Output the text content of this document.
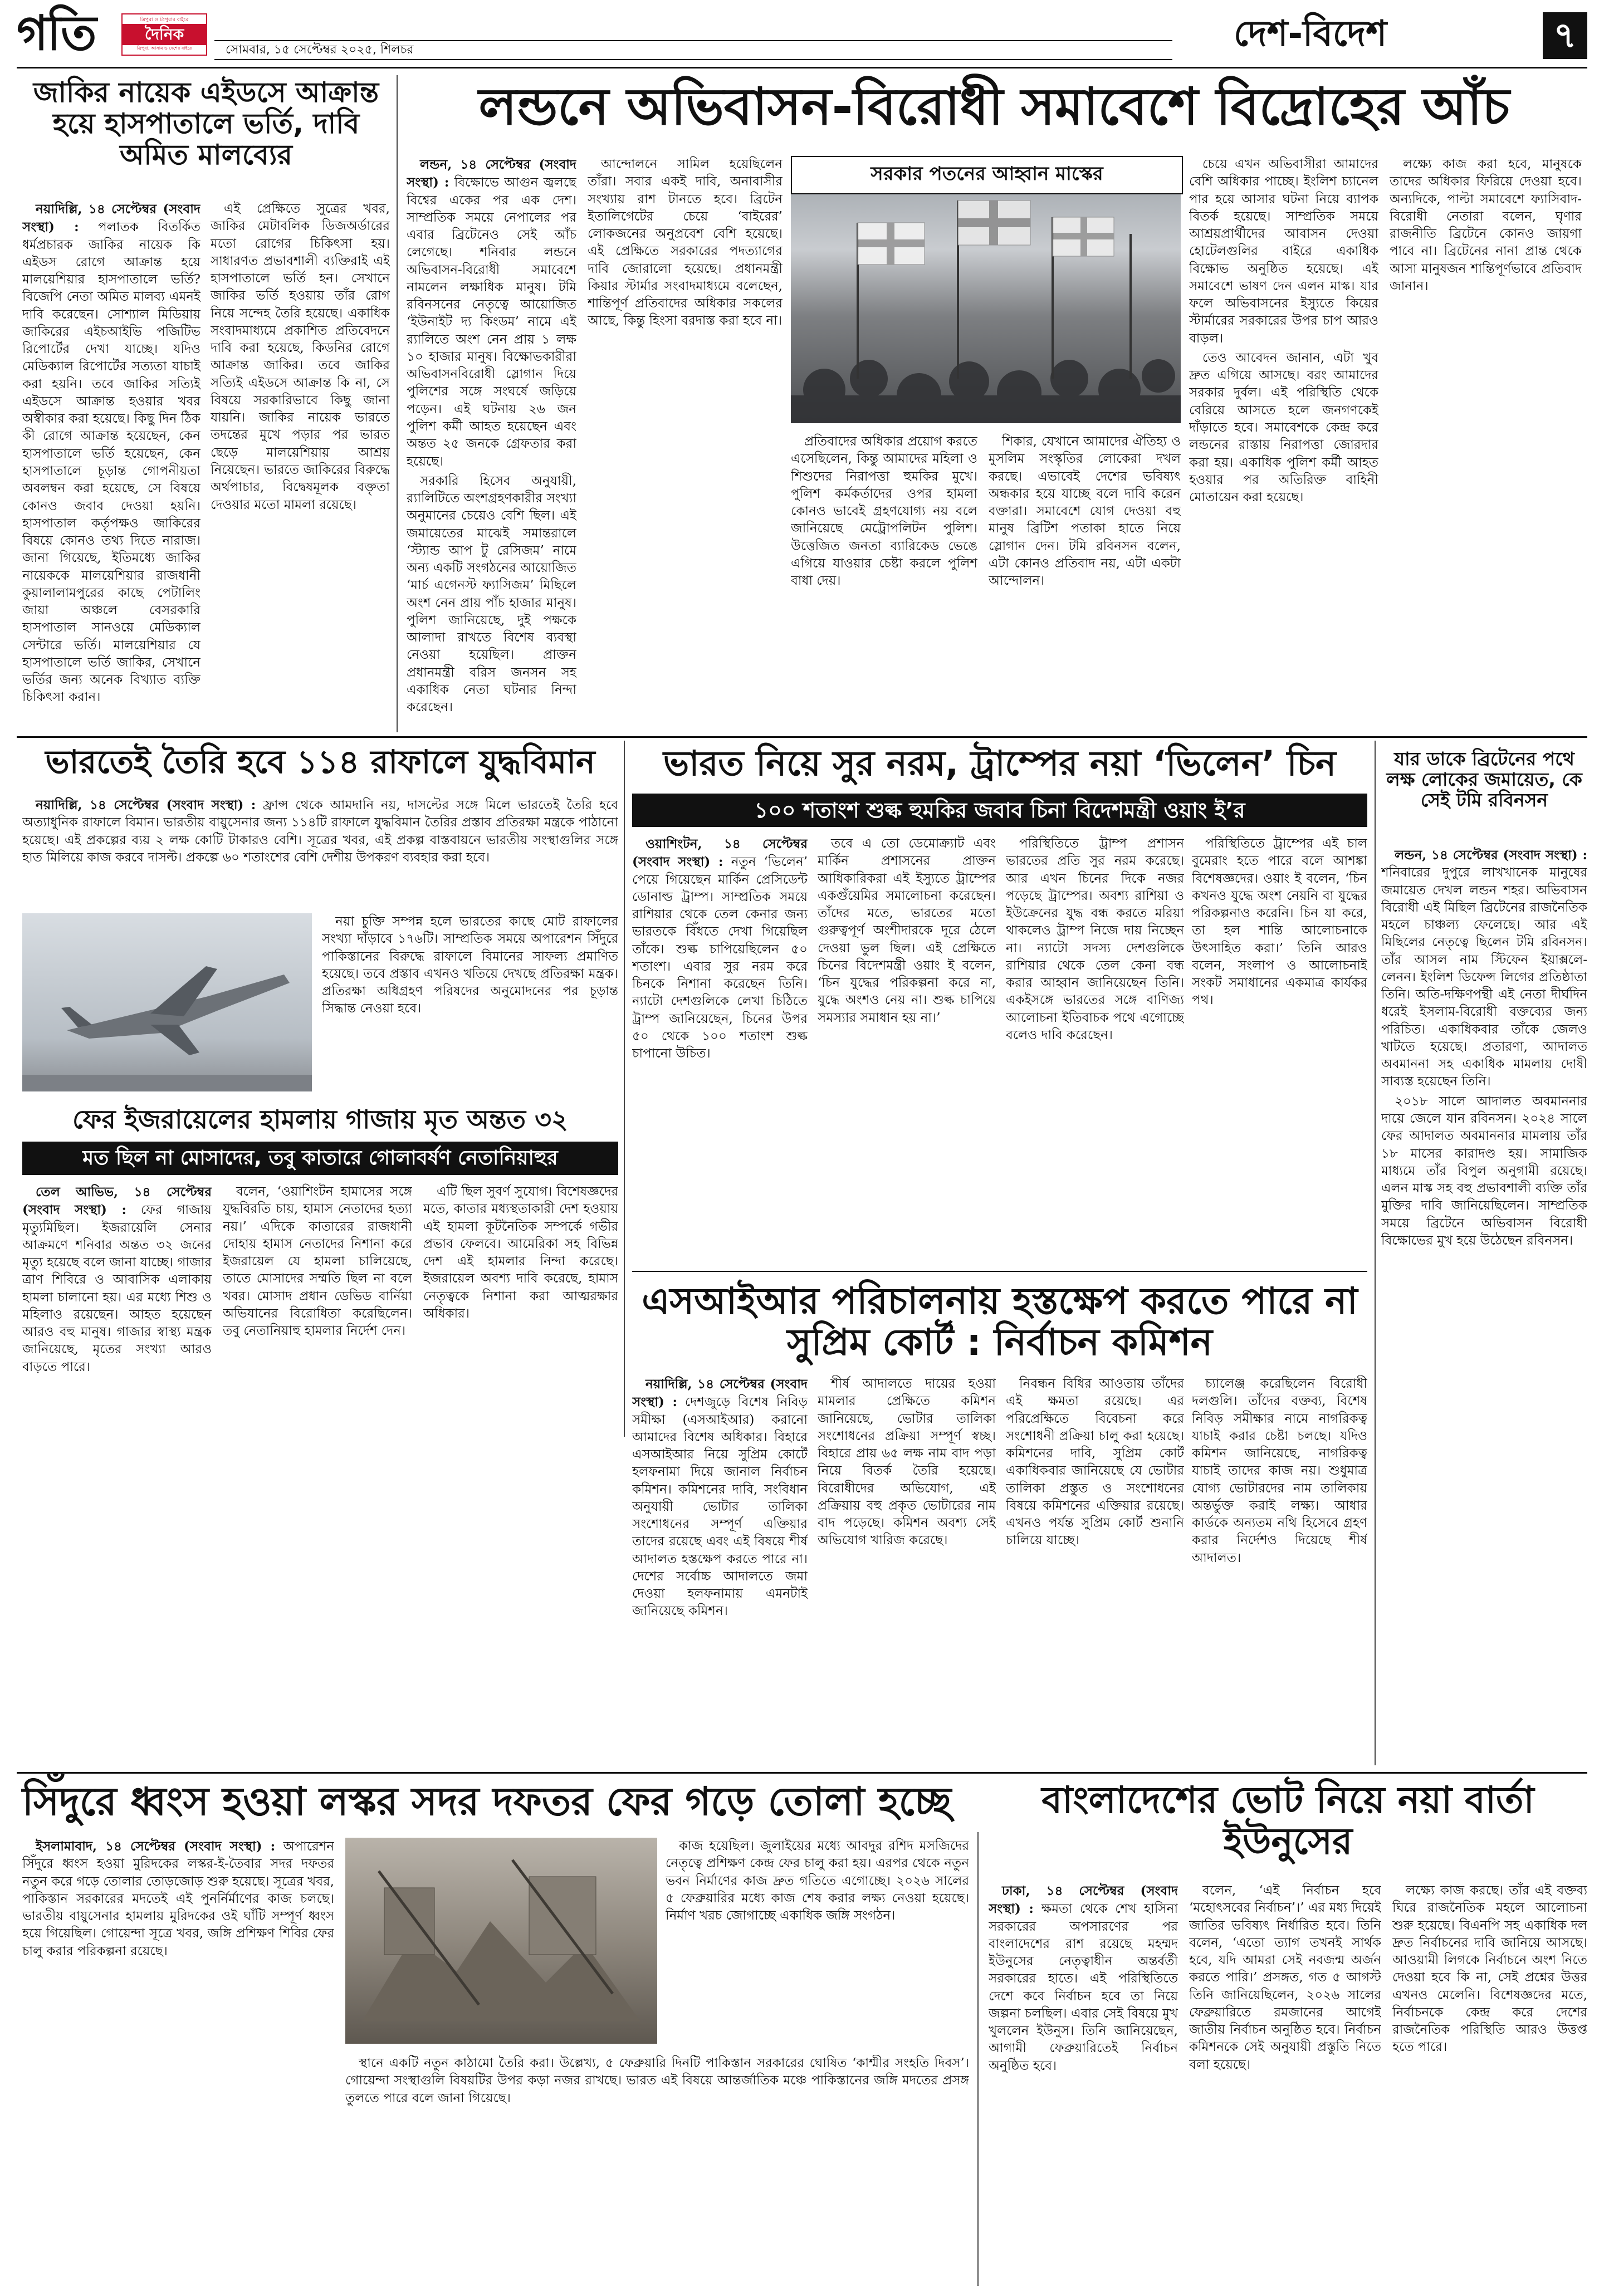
গতি	ত্রিপুরা ও ত্রিপুরার বাইরে
দৈনিক
ত্রিপুরা, আসাম ও দেশের বাইরে	সোমবার, ১৫ সেপ্টেম্বর ২০২৫, শিলচর	দেশ-বিদেশ	৭
জাকির নায়েক এইডসে আক্রান্ত হয়ে হাসপাতালে ভর্তি, দাবি অমিত মালব্যের

নয়াদিল্লি, ১৪ সেপ্টেম্বর (সংবাদ সংস্থা) : পলাতক বিতর্কিত ধর্মপ্রচারক জাকির নায়েক কি এইডস রোগে আক্রান্ত হয়ে মালয়েশিয়ার হাসপাতালে ভর্তি? বিজেপি নেতা অমিত মালব্য এমনই দাবি করেছেন। সোশ্যাল মিডিয়ায় জাকিরের এইচআইভি পজিটিভ রিপোর্টের দেখা যাচ্ছে। যদিও মেডিক্যাল রিপোর্টের সত্যতা যাচাই করা হয়নি। তবে জাকির সত্যিই এইডসে আক্রান্ত হওয়ার খবর অস্বীকার করা হয়েছে। কিছু দিন ঠিক কী রোগে আক্রান্ত হয়েছেন, কেন হাসপাতালে ভর্তি হয়েছেন, কেন হাসপাতালে চূড়ান্ত গোপনীয়তা অবলম্বন করা হয়েছে, সে বিষয়ে কোনও জবাব দেওয়া হয়নি। হাসপাতাল কর্তৃপক্ষও জাকিরের বিষয়ে কোনও তথ্য দিতে নারাজ। জানা গিয়েছে, ইতিমধ্যে জাকির নায়েককে মালয়েশিয়ার রাজধানী কুয়ালালামপুরের কাছে পেটালিং জায়া অঞ্চলে বেসরকারি হাসপাতাল সানওয়ে মেডিক্যাল সেন্টারে ভর্তি। মালয়েশিয়ার যে হাসপাতালে ভর্তি জাকির, সেখানে ভর্তির জন্য অনেক বিখ্যাত ব্যক্তি চিকিৎসা করান।

এই প্রেক্ষিতে সুত্রের খবর, জাকির মেটাবলিক ডিজঅর্ডারের মতো রোগের চিকিৎসা হয়। সাধারণত প্রভাবশালী ব্যক্তিরাই এই হাসপাতালে ভর্তি হন। সেখানে জাকির ভর্তি হওয়ায় তাঁর রোগ নিয়ে সন্দেহ তৈরি হয়েছে। একাধিক সংবাদমাধ্যমে প্রকাশিত প্রতিবেদনে দাবি করা হয়েছে, কিডনির রোগে আক্রান্ত জাকির। তবে জাকির সত্যিই এইডসে আক্রান্ত কি না, সে বিষয়ে সরকারিভাবে কিছু জানা যায়নি। জাকির নায়েক ভারতে তদন্তের মুখে পড়ার পর ভারত ছেড়ে মালয়েশিয়ায় আশ্রয় নিয়েছেন। ভারতে জাকিরের বিরুদ্ধে অর্থপাচার, বিদ্বেষমূলক বক্তৃতা দেওয়ার মতো মামলা রয়েছে।

লন্ডনে অভিবাসন-বিরোধী সমাবেশে বিদ্রোহের আঁচ

লন্ডন, ১৪ সেপ্টেম্বর (সংবাদ সংস্থা) : বিক্ষোভে আগুন জ্বলছে বিশ্বের একের পর এক দেশ। সাম্প্রতিক সময়ে নেপালের পর এবার ব্রিটেনেও সেই আঁচ লেগেছে। শনিবার লন্ডনে অভিবাসন-বিরোধী সমাবেশে নামলেন লক্ষাধিক মানুষ। টমি রবিনসনের নেতৃত্বে আয়োজিত ‘ইউনাইট দ্য কিংডম’ নামে এই র‌্যালিতে অংশ নেন প্রায় ১ লক্ষ ১০ হাজার মানুষ। বিক্ষোভকারীরা অভিবাসনবিরোধী স্লোগান দিয়ে পুলিশের সঙ্গে সংঘর্ষে জড়িয়ে পড়েন। এই ঘটনায় ২৬ জন পুলিশ কর্মী আহত হয়েছেন এবং অন্তত ২৫ জনকে গ্রেফতার করা হয়েছে।

সরকারি হিসেব অনুযায়ী, র‌্যালিটিতে অংশগ্রহণকারীর সংখ্যা অনুমানের চেয়েও বেশি ছিল। এই জমায়েতের মাঝেই সমান্তরালে ‘স্ট্যান্ড আপ টু রেসিজম’ নামে অন্য একটি সংগঠনের আয়োজিত ‘মার্চ এগেনস্ট ফ্যাসিজম’ মিছিলে অংশ নেন প্রায় পাঁচ হাজার মানুষ। পুলিশ জানিয়েছে, দুই পক্ষকে আলাদা রাখতে বিশেষ ব্যবস্থা নেওয়া হয়েছিল। প্রাক্তন প্রধানমন্ত্রী বরিস জনসন সহ একাধিক নেতা ঘটনার নিন্দা করেছেন।

আন্দোলনে সামিল হয়েছিলেন তাঁরা। সবার একই দাবি, অনাবাসীর সংখ্যায় রাশ টানতে হবে। ব্রিটেন ইতালিগেটের চেয়ে ‘বাইরের’ লোকজনের অনুপ্রবেশ বেশি হয়েছে। এই প্রেক্ষিতে সরকারের পদত্যাগের দাবি জোরালো হয়েছে। প্রধানমন্ত্রী কিয়ার স্টার্মার সংবাদমাধ্যমে বলেছেন, শান্তিপূর্ণ প্রতিবাদের অধিকার সকলের আছে, কিন্তু হিংসা বরদাস্ত করা হবে না।

সরকার পতনের আহ্বান মাস্কের

প্রতিবাদের অধিকার প্রয়োগ করতে এসেছিলেন, কিন্তু আমাদের মহিলা ও শিশুদের নিরাপত্তা হুমকির মুখে। পুলিশ কর্মকর্তাদের ওপর হামলা কোনও ভাবেই গ্রহণযোগ্য নয় বলে জানিয়েছে মেট্রোপলিটন পুলিশ। উত্তেজিত জনতা ব্যারিকেড ভেঙে এগিয়ে যাওয়ার চেষ্টা করলে পুলিশ বাধা দেয়।

শিকার, যেখানে আমাদের ঐতিহ্য ও মুসলিম সংস্কৃতির লোকেরা দখল করছে। এভাবেই দেশের ভবিষ্যৎ অন্ধকার হয়ে যাচ্ছে বলে দাবি করেন বক্তারা। সমাবেশে যোগ দেওয়া বহু মানুষ ব্রিটিশ পতাকা হাতে নিয়ে স্লোগান দেন। টমি রবিনসন বলেন, এটা কোনও প্রতিবাদ নয়, এটা একটা আন্দোলন।

চেয়ে এখন অভিবাসীরা আমাদের বেশি অধিকার পাচ্ছে। ইংলিশ চ্যানেল পার হয়ে আসার ঘটনা নিয়ে ব্যাপক বিতর্ক হয়েছে। সাম্প্রতিক সময়ে আশ্রয়প্রার্থীদের আবাসন দেওয়া হোটেলগুলির বাইরে একাধিক বিক্ষোভ অনুষ্ঠিত হয়েছে। এই সমাবেশে ভাষণ দেন এলন মাস্ক। যার ফলে অভিবাসনের ইস্যুতে কিয়ের স্টার্মারের সরকারের উপর চাপ আরও বাড়ল।

তেও আবেদন জানান, এটা খুব দ্রুত এগিয়ে আসছে। বরং আমাদের সরকার দুর্বল। এই পরিস্থিতি থেকে বেরিয়ে আসতে হলে জনগণকেই দাঁড়াতে হবে। সমাবেশকে কেন্দ্র করে লন্ডনের রাস্তায় নিরাপত্তা জোরদার করা হয়। একাধিক পুলিশ কর্মী আহত হওয়ার পর অতিরিক্ত বাহিনী মোতায়েন করা হয়েছে।

লক্ষ্যে কাজ করা হবে, মানুষকে তাদের অধিকার ফিরিয়ে দেওয়া হবে। অন্যদিকে, পাল্টা সমাবেশে ফ্যাসিবাদ-বিরোধী নেতারা বলেন, ঘৃণার রাজনীতি ব্রিটেনে কোনও জায়গা পাবে না। ব্রিটেনের নানা প্রান্ত থেকে আসা মানুষজন শান্তিপূর্ণভাবে প্রতিবাদ জানান।

ভারতেই তৈরি হবে ১১৪ রাফালে যুদ্ধবিমান

নয়াদিল্লি, ১৪ সেপ্টেম্বর (সংবাদ সংস্থা) : ফ্রান্স থেকে আমদানি নয়, দাসল্টের সঙ্গে মিলে ভারতেই তৈরি হবে অত্যাধুনিক রাফালে বিমান। ভারতীয় বায়ুসেনার জন্য ১১৪টি রাফালে যুদ্ধবিমান তৈরির প্রস্তাব প্রতিরক্ষা মন্ত্রকে পাঠানো হয়েছে। এই প্রকল্পের ব্যয় ২ লক্ষ কোটি টাকারও বেশি। সূত্রের খবর, এই প্রকল্প বাস্তবায়নে ভারতীয় সংস্থাগুলির সঙ্গে হাত মিলিয়ে কাজ করবে দাসল্ট। প্রকল্পে ৬০ শতাংশের বেশি দেশীয় উপকরণ ব্যবহার করা হবে।

নয়া চুক্তি সম্পন্ন হলে ভারতের কাছে মোট রাফালের সংখ্যা দাঁড়াবে ১৭৬টি। সাম্প্রতিক সময়ে অপারেশন সিঁদুরে পাকিস্তানের বিরুদ্ধে রাফালে বিমানের সাফল্য প্রমাণিত হয়েছে। তবে প্রস্তাব এখনও খতিয়ে দেখছে প্রতিরক্ষা মন্ত্রক। প্রতিরক্ষা অধিগ্রহণ পরিষদের অনুমোদনের পর চূড়ান্ত সিদ্ধান্ত নেওয়া হবে।

ফের ইজরায়েলের হামলায় গাজায় মৃত অন্তত ৩২
মত ছিল না মোসাদের, তবু কাতারে গোলাবর্ষণ নেতানিয়াহুর

তেল আভিভ, ১৪ সেপ্টেম্বর (সংবাদ সংস্থা) : ফের গাজায় মৃত্যুমিছিল। ইজরায়েলি সেনার আক্রমণে শনিবার অন্তত ৩২ জনের মৃত্যু হয়েছে বলে জানা যাচ্ছে। গাজার ত্রাণ শিবিরে ও আবাসিক এলাকায় হামলা চালানো হয়। এর মধ্যে শিশু ও মহিলাও রয়েছেন। আহত হয়েছেন আরও বহু মানুষ। গাজার স্বাস্থ্য মন্ত্রক জানিয়েছে, মৃতের সংখ্যা আরও বাড়তে পারে।

বলেন, ‘ওয়াশিংটন হামাসের সঙ্গে যুদ্ধবিরতি চায়, হামাস নেতাদের হত্যা নয়।’ এদিকে কাতারের রাজধানী দোহায় হামাস নেতাদের নিশানা করে ইজরায়েল যে হামলা চালিয়েছে, তাতে মোসাদের সম্মতি ছিল না বলে খবর। মোসাদ প্রধান ডেভিড বার্নিয়া অভিযানের বিরোধিতা করেছিলেন। তবু নেতানিয়াহু হামলার নির্দেশ দেন।

এটি ছিল সুবর্ণ সুযোগ। বিশেষজ্ঞদের মতে, কাতার মধ্যস্থতাকারী দেশ হওয়ায় এই হামলা কূটনৈতিক সম্পর্কে গভীর প্রভাব ফেলবে। আমেরিকা সহ বিভিন্ন দেশ এই হামলার নিন্দা করেছে। ইজরায়েল অবশ্য দাবি করেছে, হামাস নেতৃত্বকে নিশানা করা আত্মরক্ষার অধিকার।

ভারত নিয়ে সুর নরম, ট্রাম্পের নয়া ‘ভিলেন’ চিন
১০০ শতাংশ শুল্ক হুমকির জবাব চিনা বিদেশমন্ত্রী ওয়াং ই’র

ওয়াশিংটন, ১৪ সেপ্টেম্বর (সংবাদ সংস্থা) : নতুন ‘ভিলেন’ পেয়ে গিয়েছেন মার্কিন প্রেসিডেন্ট ডোনাল্ড ট্রাম্প। সাম্প্রতিক সময়ে রাশিয়ার থেকে তেল কেনার জন্য ভারতকে বিঁধতে দেখা গিয়েছিল তাঁকে। শুল্ক চাপিয়েছিলেন ৫০ শতাংশ। এবার সুর নরম করে চিনকে নিশানা করেছেন তিনি। ন্যাটো দেশগুলিকে লেখা চিঠিতে ট্রাম্প জানিয়েছেন, চিনের উপর ৫০ থেকে ১০০ শতাংশ শুল্ক চাপানো উচিত।

তবে এ তো ডেমোক্র্যাট এবং মার্কিন প্রশাসনের প্রাক্তন আধিকারিকরা এই ইস্যুতে ট্রাম্পের একগুঁয়েমির সমালোচনা করেছেন। তাঁদের মতে, ভারতের মতো গুরুত্বপূর্ণ অংশীদারকে দূরে ঠেলে দেওয়া ভুল ছিল। এই প্রেক্ষিতে চিনের বিদেশমন্ত্রী ওয়াং ই বলেন, ‘চিন যুদ্ধের পরিকল্পনা করে না, যুদ্ধে অংশও নেয় না। শুল্ক চাপিয়ে সমস্যার সমাধান হয় না।’

পরিস্থিতিতে ট্রাম্প প্রশাসন ভারতের প্রতি সুর নরম করেছে। আর এখন চিনের দিকে নজর পড়েছে ট্রাম্পের। অবশ্য রাশিয়া ও ইউক্রেনের যুদ্ধ বন্ধ করতে মরিয়া থাকলেও ট্রাম্প নিজে দায় নিচ্ছেন না। ন্যাটো সদস্য দেশগুলিকে রাশিয়ার থেকে তেল কেনা বন্ধ করার আহ্বান জানিয়েছেন তিনি। একইসঙ্গে ভারতের সঙ্গে বাণিজ্য আলোচনা ইতিবাচক পথে এগোচ্ছে বলেও দাবি করেছেন।

পরিস্থিতিতে ট্রাম্পের এই চাল বুমেরাং হতে পারে বলে আশঙ্কা বিশেষজ্ঞদের। ওয়াং ই বলেন, ‘চিন কখনও যুদ্ধে অংশ নেয়নি বা যুদ্ধের পরিকল্পনাও করেনি। চিন যা করে, তা হল শান্তি আলোচনাকে উৎসাহিত করা।’ তিনি আরও বলেন, সংলাপ ও আলোচনাই সংকট সমাধানের একমাত্র কার্যকর পথ।

যার ডাকে ব্রিটেনের পথে লক্ষ লোকের জমায়েত, কে সেই টমি রবিনসন

লন্ডন, ১৪ সেপ্টেম্বর (সংবাদ সংস্থা) : শনিবারের দুপুরে লাখখানেক মানুষের জমায়েত দেখল লন্ডন শহর। অভিবাসন বিরোধী এই মিছিল ব্রিটেনের রাজনৈতিক মহলে চাঞ্চল্য ফেলেছে। আর এই মিছিলের নেতৃত্বে ছিলেন টমি রবিনসন। তাঁর আসল নাম স্টিফেন ইয়াক্সলে-লেনন। ইংলিশ ডিফেন্স লিগের প্রতিষ্ঠাতা তিনি। অতি-দক্ষিণপন্থী এই নেতা দীর্ঘদিন ধরেই ইসলাম-বিরোধী বক্তব্যের জন্য পরিচিত। একাধিকবার তাঁকে জেলও খাটতে হয়েছে। প্রতারণা, আদালত অবমাননা সহ একাধিক মামলায় দোষী সাব্যস্ত হয়েছেন তিনি।

২০১৮ সালে আদালত অবমাননার দায়ে জেলে যান রবিনসন। ২০২৪ সালে ফের আদালত অবমাননার মামলায় তাঁর ১৮ মাসের কারাদণ্ড হয়। সামাজিক মাধ্যমে তাঁর বিপুল অনুগামী রয়েছে। এলন মাস্ক সহ বহু প্রভাবশালী ব্যক্তি তাঁর মুক্তির দাবি জানিয়েছিলেন। সাম্প্রতিক সময়ে ব্রিটেনে অভিবাসন বিরোধী বিক্ষোভের মুখ হয়ে উঠেছেন রবিনসন।

এসআইআর পরিচালনায় হস্তক্ষেপ করতে পারে না সুপ্রিম কোর্ট : নির্বাচন কমিশন

নয়াদিল্লি, ১৪ সেপ্টেম্বর (সংবাদ সংস্থা) : দেশজুড়ে বিশেষ নিবিড় সমীক্ষা (এসআইআর) করানো আমাদের বিশেষ অধিকার। বিহারে এসআইআর নিয়ে সুপ্রিম কোর্টে হলফনামা দিয়ে জানাল নির্বাচন কমিশন। কমিশনের দাবি, সংবিধান অনুযায়ী ভোটার তালিকা সংশোধনের সম্পূর্ণ এক্তিয়ার তাদের রয়েছে এবং এই বিষয়ে শীর্ষ আদালত হস্তক্ষেপ করতে পারে না। দেশের সর্বোচ্চ আদালতে জমা দেওয়া হলফনামায় এমনটাই জানিয়েছে কমিশন।

শীর্ষ আদালতে দায়ের হওয়া মামলার প্রেক্ষিতে কমিশন জানিয়েছে, ভোটার তালিকা সংশোধনের প্রক্রিয়া সম্পূর্ণ স্বচ্ছ। বিহারে প্রায় ৬৫ লক্ষ নাম বাদ পড়া নিয়ে বিতর্ক তৈরি হয়েছে। বিরোধীদের অভিযোগ, এই প্রক্রিয়ায় বহু প্রকৃত ভোটারের নাম বাদ পড়েছে। কমিশন অবশ্য সেই অভিযোগ খারিজ করেছে।

নিবন্ধন বিধির আওতায় তাঁদের এই ক্ষমতা রয়েছে। এর পরিপ্রেক্ষিতে বিবেচনা করে সংশোধনী প্রক্রিয়া চালু করা হয়েছে। কমিশনের দাবি, সুপ্রিম কোর্ট একাধিকবার জানিয়েছে যে ভোটার তালিকা প্রস্তুত ও সংশোধনের বিষয়ে কমিশনের এক্তিয়ার রয়েছে। এখনও পর্যন্ত সুপ্রিম কোর্ট শুনানি চালিয়ে যাচ্ছে।

চ্যালেঞ্জ করেছিলেন বিরোধী দলগুলি। তাঁদের বক্তব্য, বিশেষ নিবিড় সমীক্ষার নামে নাগরিকত্ব যাচাই করার চেষ্টা চলছে। যদিও কমিশন জানিয়েছে, নাগরিকত্ব যাচাই তাদের কাজ নয়। শুধুমাত্র যোগ্য ভোটারদের নাম তালিকায় অন্তর্ভুক্ত করাই লক্ষ্য। আধার কার্ডকে অন্যতম নথি হিসেবে গ্রহণ করার নির্দেশও দিয়েছে শীর্ষ আদালত।

সিঁদুরে ধ্বংস হওয়া লস্কর সদর দফতর ফের গড়ে তোলা হচ্ছে

ইসলামাবাদ, ১৪ সেপ্টেম্বর (সংবাদ সংস্থা) : অপারেশন সিঁদুরে ধ্বংস হওয়া মুরিদকের লস্কর-ই-তৈবার সদর দফতর নতুন করে গড়ে তোলার তোড়জোড় শুরু হয়েছে। সূত্রের খবর, পাকিস্তান সরকারের মদতেই এই পুনর্নির্মাণের কাজ চলছে। ভারতীয় বায়ুসেনার হামলায় মুরিদকের ওই ঘাঁটি সম্পূর্ণ ধ্বংস হয়ে গিয়েছিল। গোয়েন্দা সূত্রে খবর, জঙ্গি প্রশিক্ষণ শিবির ফের চালু করার পরিকল্পনা রয়েছে।

কাজ হয়েছিল। জুলাইয়ের মধ্যে আবদুর রশিদ মসজিদের নেতৃত্বে প্রশিক্ষণ কেন্দ্র ফের চালু করা হয়। এরপর থেকে নতুন ভবন নির্মাণের কাজ দ্রুত গতিতে এগোচ্ছে। ২০২৬ সালের ৫ ফেব্রুয়ারির মধ্যে কাজ শেষ করার লক্ষ্য নেওয়া হয়েছে। নির্মাণ খরচ জোগাচ্ছে একাধিক জঙ্গি সংগঠন।

স্থানে একটি নতুন কাঠামো তৈরি করা। উল্লেখ্য, ৫ ফেব্রুয়ারি দিনটি পাকিস্তান সরকারের ঘোষিত ‘কাশ্মীর সংহতি দিবস’। গোয়েন্দা সংস্থাগুলি বিষয়টির উপর কড়া নজর রাখছে। ভারত এই বিষয়ে আন্তর্জাতিক মঞ্চে পাকিস্তানের জঙ্গি মদতের প্রসঙ্গ তুলতে পারে বলে জানা গিয়েছে।

বাংলাদেশের ভোট নিয়ে নয়া বার্তা ইউনুসের

ঢাকা, ১৪ সেপ্টেম্বর (সংবাদ সংস্থা) : ক্ষমতা থেকে শেখ হাসিনা সরকারের অপসারণের পর বাংলাদেশের রাশ রয়েছে মহম্মদ ইউনুসের নেতৃত্বাধীন অন্তর্বর্তী সরকারের হাতে। এই পরিস্থিতিতে দেশে কবে নির্বাচন হবে তা নিয়ে জল্পনা চলছিল। এবার সেই বিষয়ে মুখ খুললেন ইউনুস। তিনি জানিয়েছেন, আগামী ফেব্রুয়ারিতেই নির্বাচন অনুষ্ঠিত হবে।

বলেন, ‘এই নির্বাচন হবে ‘মহোৎসবের নির্বাচন’।’ এর মধ্য দিয়েই জাতির ভবিষ্যৎ নির্ধারিত হবে। তিনি বলেন, ‘এতো ত্যাগ তখনই সার্থক হবে, যদি আমরা সেই নবজন্ম অর্জন করতে পারি।’ প্রসঙ্গত, গত ৫ আগস্ট তিনি জানিয়েছিলেন, ২০২৬ সালের ফেব্রুয়ারিতে রমজানের আগেই জাতীয় নির্বাচন অনুষ্ঠিত হবে। নির্বাচন কমিশনকে সেই অনুযায়ী প্রস্তুতি নিতে বলা হয়েছে।

লক্ষ্যে কাজ করছে। তাঁর এই বক্তব্য ঘিরে রাজনৈতিক মহলে আলোচনা শুরু হয়েছে। বিএনপি সহ একাধিক দল দ্রুত নির্বাচনের দাবি জানিয়ে আসছে। আওয়ামী লিগকে নির্বাচনে অংশ নিতে দেওয়া হবে কি না, সেই প্রশ্নের উত্তর এখনও মেলেনি। বিশেষজ্ঞদের মতে, নির্বাচনকে কেন্দ্র করে দেশের রাজনৈতিক পরিস্থিতি আরও উত্তপ্ত হতে পারে।
